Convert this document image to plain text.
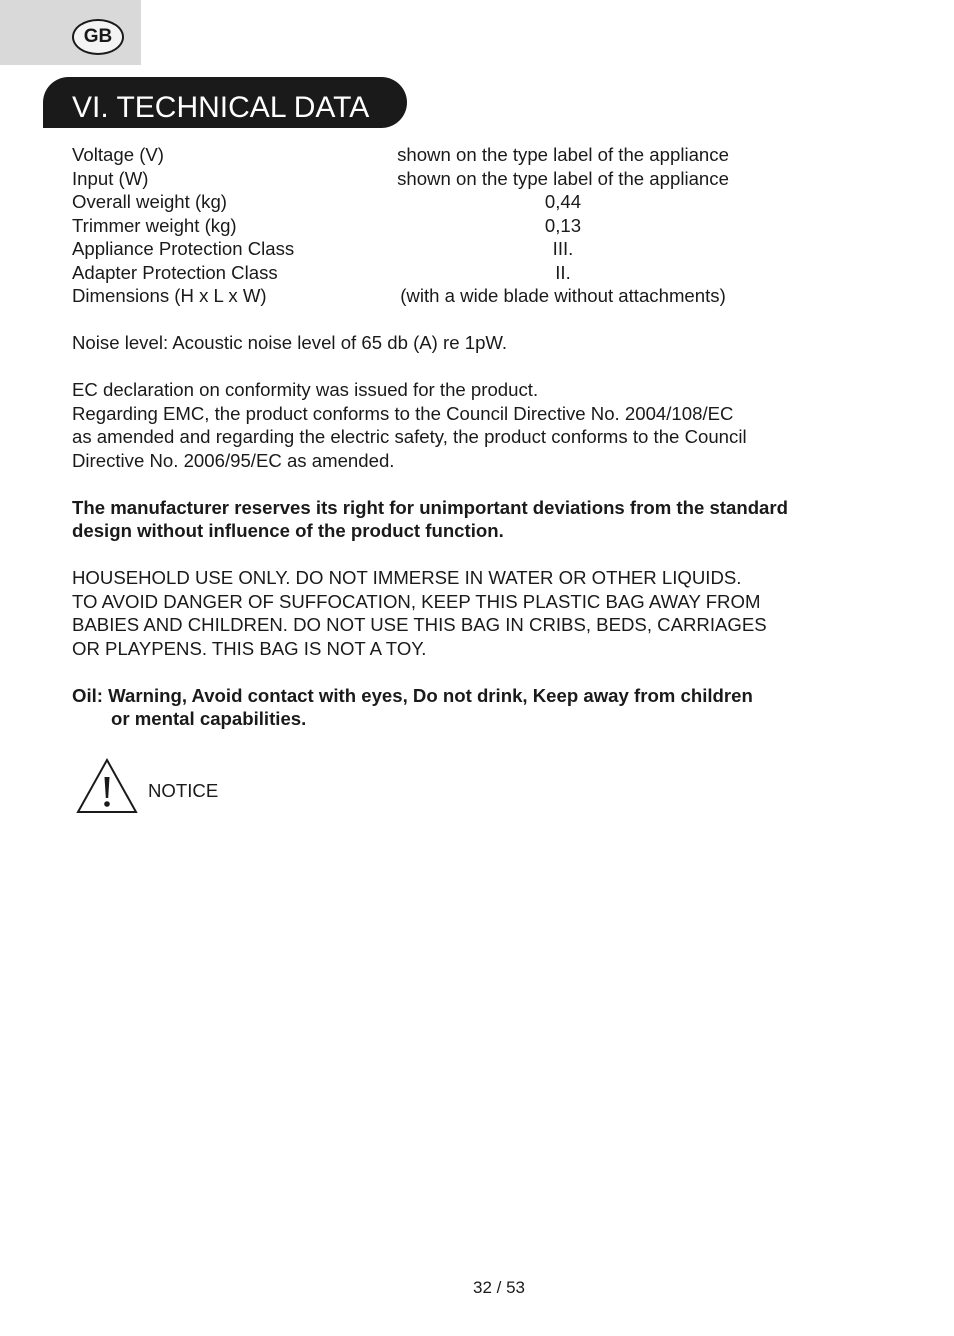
GB
VI. TECHNICAL DATA
Voltage (V)	shown on the type label of the appliance
Input (W)	shown on the type label of the appliance
Overall weight (kg)	0,44
Trimmer weight (kg)	0,13
Appliance Protection Class	III.
Adapter Protection Class	II.
Dimensions (H x L x W)	(with a wide blade without attachments)

Noise level: Acoustic noise level of 65 db (A) re 1pW.

EC declaration on conformity was issued for the product.

Regarding EMC, the product conforms to the Council Directive No. 2004/108/EC

as amended and regarding the electric safety, the product conforms to the Council

Directive No. 2006/95/EC as amended.

The manufacturer reserves its right for unimportant deviations from the standard

design without influence of the product function.

HOUSEHOLD USE ONLY. DO NOT IMMERSE IN WATER OR OTHER LIQUIDS.

TO AVOID DANGER OF SUFFOCATION, KEEP THIS PLASTIC BAG AWAY FROM

BABIES AND CHILDREN. DO NOT USE THIS BAG IN CRIBS, BEDS, CARRIAGES

OR PLAYPENS. THIS BAG IS NOT A TOY.

Oil: Warning, Avoid contact with eyes, Do not drink, Keep away from children

or mental capabilities.

NOTICE
32 / 53
